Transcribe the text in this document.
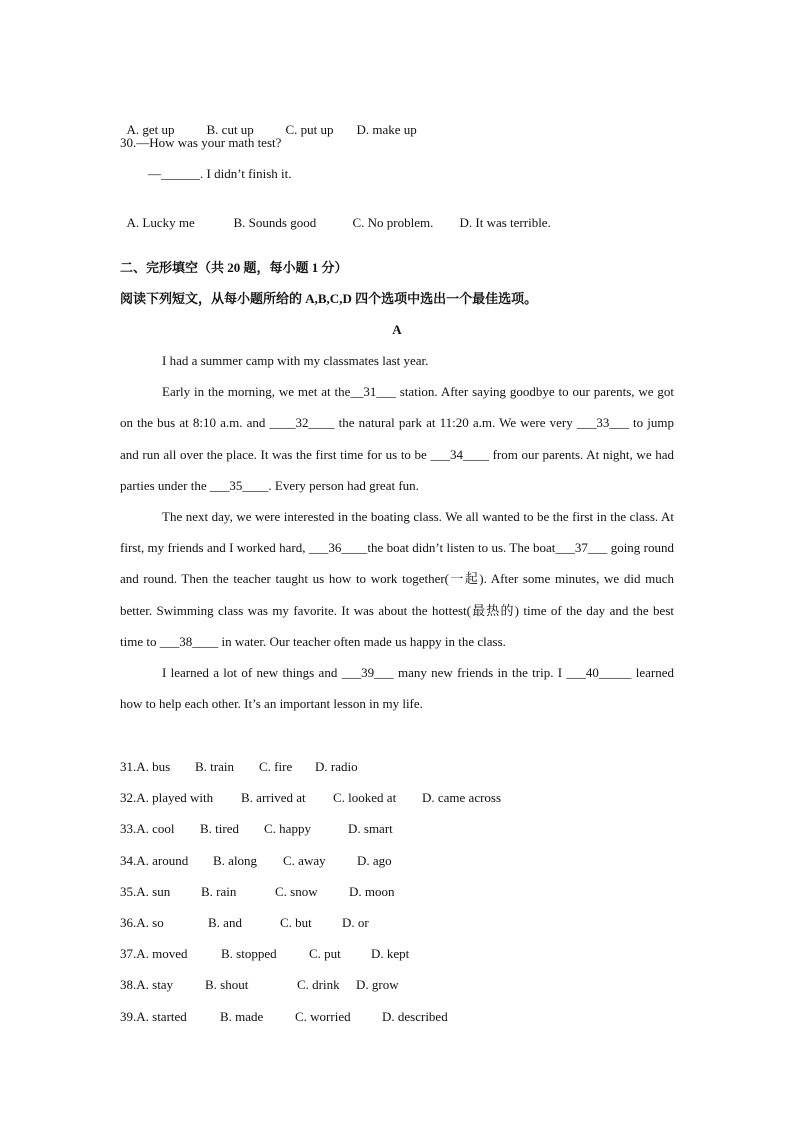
A. get up B. cut up C. put up D. make up

30.—How was your math test?
—______. I didn’t finish it.

A. Lucky me	B. Sounds good	C. No problem. D. It was terrible.

二、完形填空（共 20 题，每小题 1 分）
阅读下列短文，从每小题所给的 A,B,C,D 四个选项中选出一个最佳选项。
A

I had a summer camp with my classmates last year.

Early in the morning, we met at the__31___ station. After saying goodbye to our parents, we got on the bus at 8:10 a.m. and ____32____ the natural park at 11:20 a.m. We were very ___33___ to jump and run all over the place. It was the first time for us to be ___34____ from our parents. At night, we had parties under the ___35____. Every person had great fun.

The next day, we were interested in the boating class. We all wanted to be the first in the class. At first, my friends and I worked hard, ___36____the boat didn’t listen to us. The boat___37___ going round and round. Then the teacher taught us how to work together(一起). After some minutes, we did much better. Swimming class was my favorite. It was about the hottest(最热的) time of the day and the best time to ___38____ in water. Our teacher often made us happy in the class.

I learned a lot of new things and ___39___ many new friends in the trip. I ___40_____ learned how to help each other. It’s an important lesson in my life.

31.A. bus B. train C. fire D. radio
32.A. played with B. arrived at C. looked at D. came across
33.A. cool B. tired C. happy	D. smart
34.A. around B. along C. away D. ago
35.A. sun B. rain	C. snow D. moon
36.A. so	B. and	C. but D. or
37.A. moved	B. stopped C. put D. kept
38.A. stay B. shout	C. drink D. grow
39.A. started	B. made C. worried D. described
